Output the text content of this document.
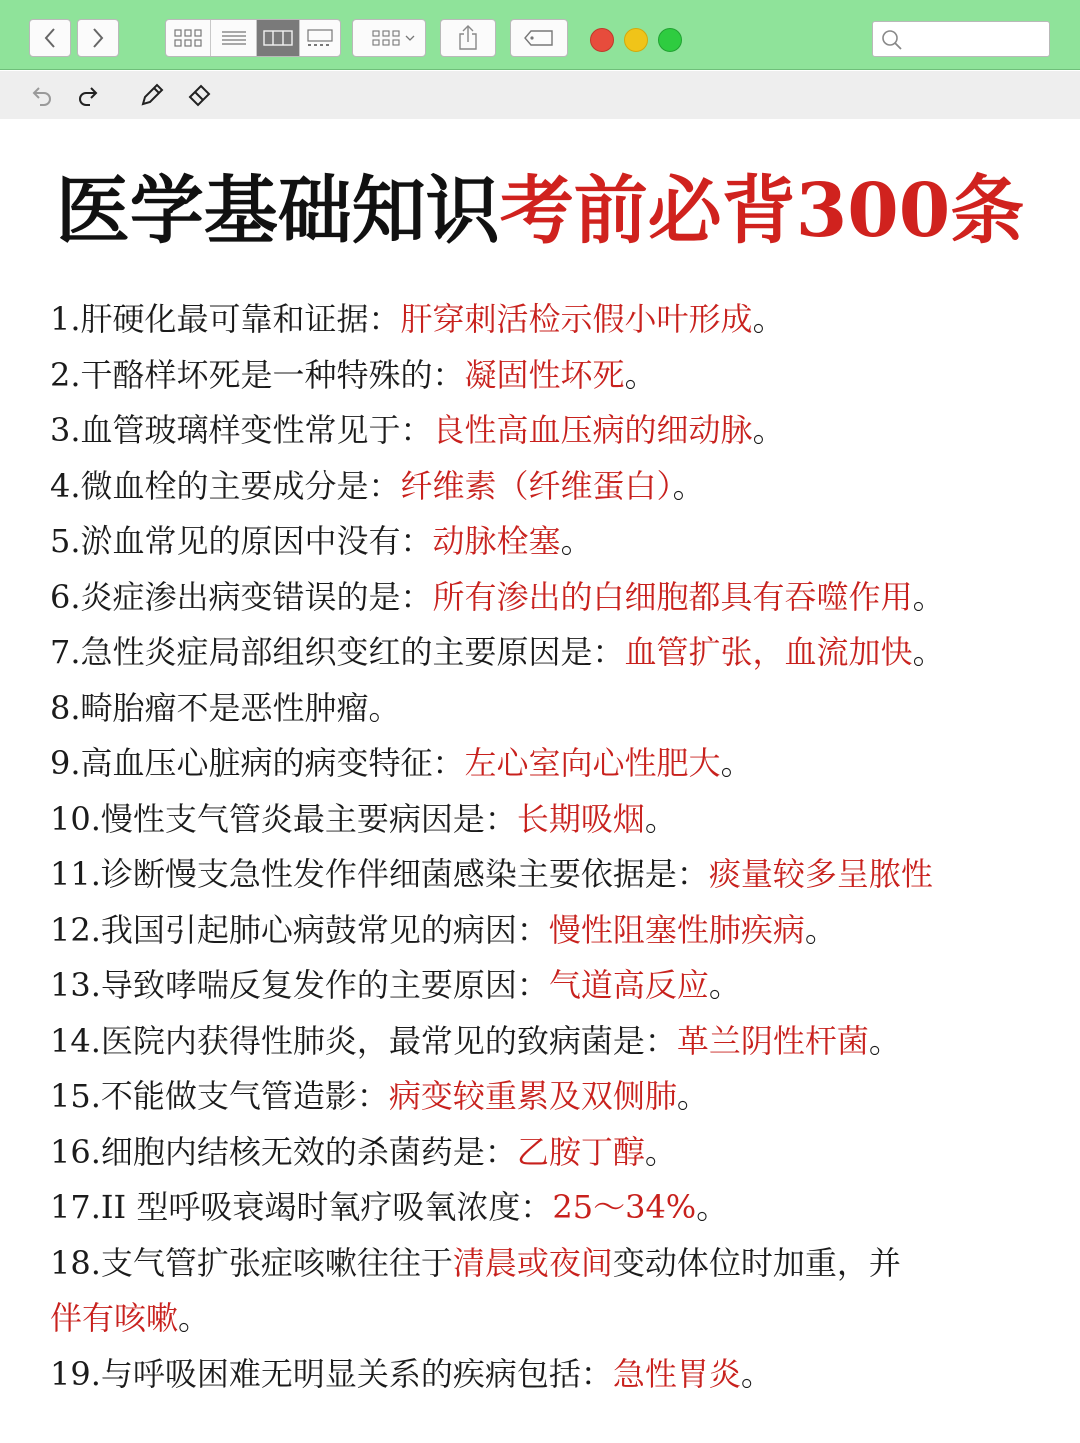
医学基础知识考前必背300条
1.肝硬化最可靠和证据：肝穿刺活检示假小叶形成。
2.干酪样坏死是一种特殊的：凝固性坏死。
3.血管玻璃样变性常见于：良性高血压病的细动脉。
4.微血栓的主要成分是：纤维素（纤维蛋白）。
5.淤血常见的原因中没有：动脉栓塞。
6.炎症渗出病变错误的是：所有渗出的白细胞都具有吞噬作用。
7.急性炎症局部组织变红的主要原因是：血管扩张，血流加快。
8.畸胎瘤不是恶性肿瘤。
9.高血压心脏病的病变特征：左心室向心性肥大。
10.慢性支气管炎最主要病因是：长期吸烟。
11.诊断慢支急性发作伴细菌感染主要依据是：痰量较多呈脓性
12.我国引起肺心病鼓常见的病因：慢性阻塞性肺疾病。
13.导致哮喘反复发作的主要原因：气道高反应。
14.医院内获得性肺炎，最常见的致病菌是：革兰阴性杆菌。
15.不能做支气管造影：病变较重累及双侧肺。
16.细胞内结核无效的杀菌药是：乙胺丁醇。
17.II 型呼吸衰竭时氧疗吸氧浓度：25～34%。
18.支气管扩张症咳嗽往往于清晨或夜间变动体位时加重，并
伴有咳嗽。
19.与呼吸困难无明显关系的疾病包括：急性胃炎。
